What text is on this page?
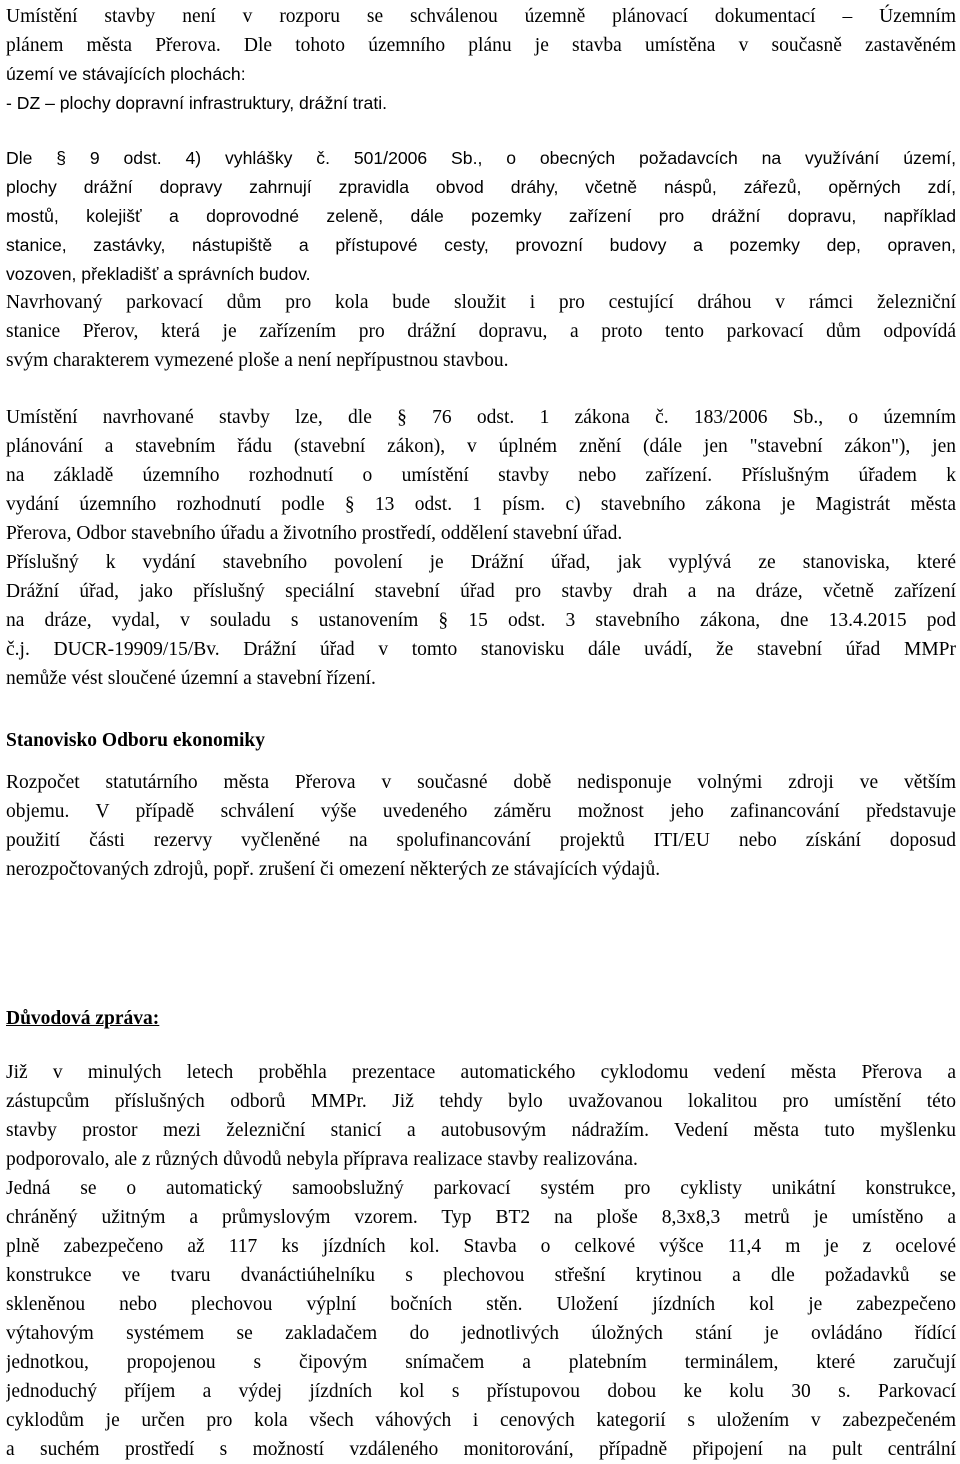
Umístění stavby není v rozporu se schválenou územně plánovací dokumentací – Územním
plánem města Přerova. Dle tohoto územního plánu je stavba umístěna v současně zastavěném
území ve stávajících plochách:
- DZ – plochy dopravní infrastruktury, drážní trati.
Dle § 9 odst. 4) vyhlášky č. 501/2006 Sb., o obecných požadavcích na využívání území,
plochy drážní dopravy zahrnují zpravidla obvod dráhy, včetně náspů, zářezů, opěrných zdí,
mostů, kolejišť a doprovodné zeleně, dále pozemky zařízení pro drážní dopravu, například
stanice, zastávky, nástupiště a přístupové cesty, provozní budovy a pozemky dep, opraven,
vozoven, překladišť a správních budov.
Navrhovaný parkovací dům pro kola bude sloužit i pro cestující dráhou v rámci železniční
stanice Přerov, která je zařízením pro drážní dopravu, a proto tento parkovací dům odpovídá
svým charakterem vymezené ploše a není nepřípustnou stavbou.
Umístění navrhované stavby lze, dle § 76 odst. 1 zákona č. 183/2006 Sb., o územním
plánování a stavebním řádu (stavební zákon), v úplném znění (dále jen "stavební zákon"), jen
na základě územního rozhodnutí o umístění stavby nebo zařízení. Příslušným úřadem k
vydání územního rozhodnutí podle § 13 odst. 1 písm. c) stavebního zákona je Magistrát města
Přerova, Odbor stavebního úřadu a životního prostředí, oddělení stavební úřad.
Příslušný k vydání stavebního povolení je Drážní úřad, jak vyplývá ze stanoviska, které
Drážní úřad, jako příslušný speciální stavební úřad pro stavby drah a na dráze, včetně zařízení
na dráze, vydal, v souladu s ustanovením § 15 odst. 3 stavebního zákona, dne 13.4.2015 pod
č.j. DUCR-19909/15/Bv. Drážní úřad v tomto stanovisku dále uvádí, že stavební úřad MMPr
nemůže vést sloučené územní a stavební řízení.

Stanovisko Odboru ekonomiky

Rozpočet statutárního města Přerova v současné době nedisponuje volnými zdroji ve větším
objemu. V případě schválení výše uvedeného záměru možnost jeho zafinancování představuje
použití části rezervy vyčleněné na spolufinancování projektů ITI/EU nebo získání doposud
nerozpočtovaných zdrojů, popř. zrušení či omezení některých ze stávajících výdajů.

Důvodová zpráva:

Již v minulých letech proběhla prezentace automatického cyklodomu vedení města Přerova a
zástupcům příslušných odborů MMPr. Již tehdy bylo uvažovanou lokalitou pro umístění této
stavby prostor mezi železniční stanicí a autobusovým nádražím. Vedení města tuto myšlenku
podporovalo, ale z různých důvodů nebyla příprava realizace stavby realizována.
Jedná se o automatický samoobslužný parkovací systém pro cyklisty unikátní konstrukce,
chráněný užitným a průmyslovým vzorem. Typ BT2 na ploše 8,3x8,3 metrů je umístěno a
plně zabezpečeno až 117 ks jízdních kol. Stavba o celkové výšce 11,4 m je z ocelové
konstrukce ve tvaru dvanáctiúhelníku s plechovou střešní krytinou a dle požadavků se
skleněnou nebo plechovou výplní bočních stěn. Uložení jízdních kol je zabezpečeno
výtahovým systémem se zakladačem do jednotlivých úložných stání je ovládáno řídící
jednotkou, propojenou s čipovým snímačem a platebním terminálem, které zaručují
jednoduchý příjem a výdej jízdních kol s přístupovou dobou ke kolu 30 s. Parkovací
cyklodům je určen pro kola všech váhových i cenových kategorií s uložením v zabezpečeném
a suchém prostředí s možností vzdáleného monitorování, případně připojení na pult centrální
